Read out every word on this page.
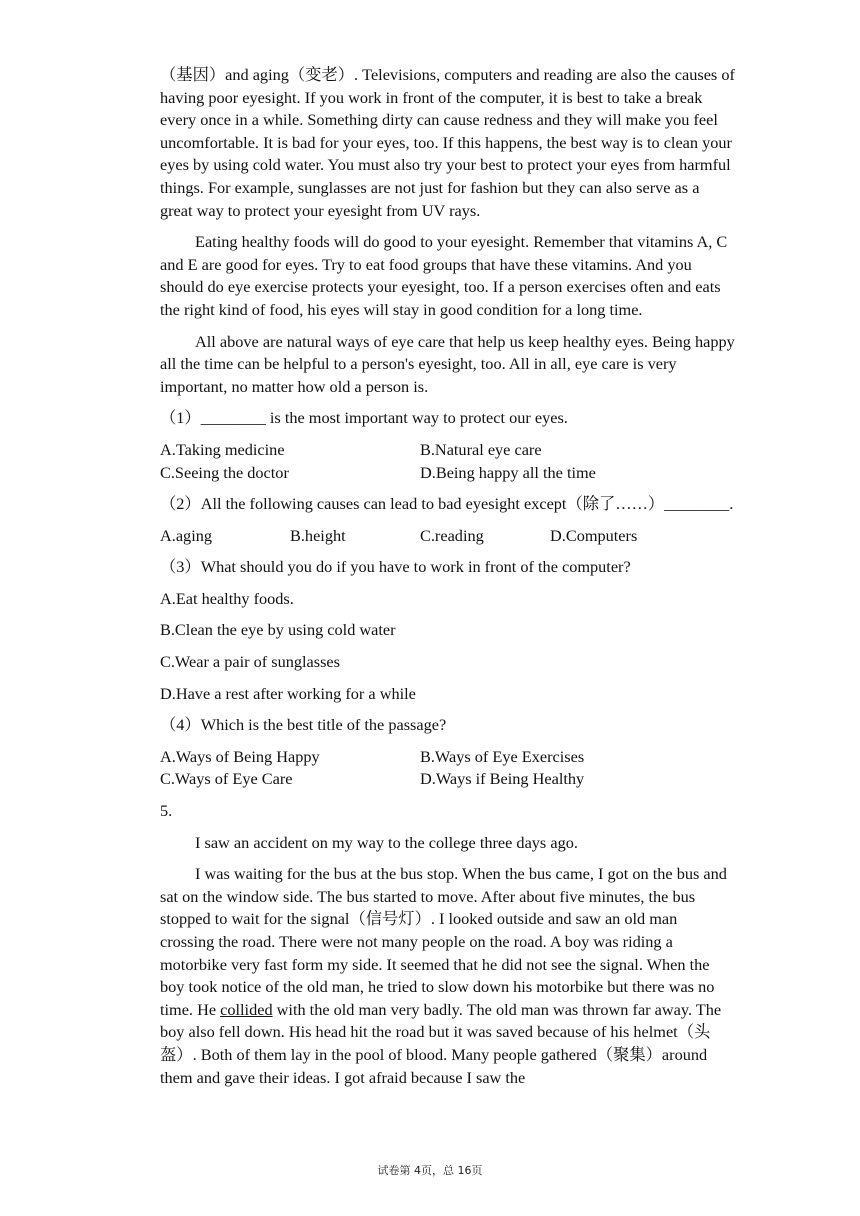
（基因）and aging（变老）. Televisions, computers and reading are also the causes of having poor eyesight. If you work in front of the computer, it is best to take a break every once in a while. Something dirty can cause redness and they will make you feel uncomfortable. It is bad for your eyes, too. If this happens, the best way is to clean your eyes by using cold water. You must also try your best to protect your eyes from harmful things. For example, sunglasses are not just for fashion but they can also serve as a great way to protect your eyesight from UV rays.

Eating healthy foods will do good to your eyesight. Remember that vitamins A, C and E are good for eyes. Try to eat food groups that have these vitamins. And you should do eye exercise protects your eyesight, too. If a person exercises often and eats the right kind of food, his eyes will stay in good condition for a long time.

All above are natural ways of eye care that help us keep healthy eyes. Being happy all the time can be helpful to a person's eyesight, too. All in all, eye care is very important, no matter how old a person is.

（1）________ is the most important way to protect our eyes.
A.Taking medicine	B.Natural eye care
C.Seeing the doctor	D.Being happy all the time
（2）All the following causes can lead to bad eyesight except（除了……）________.
A.aging	B.height	C.reading	D.Computers
（3）What should you do if you have to work in front of the computer?
A.Eat healthy foods.
B.Clean the eye by using cold water
C.Wear a pair of sunglasses
D.Have a rest after working for a while
（4）Which is the best title of the passage?
A.Ways of Being Happy	B.Ways of Eye Exercises
C.Ways of Eye Care	D.Ways if Being Healthy
5.

I saw an accident on my way to the college three days ago.

I was waiting for the bus at the bus stop. When the bus came, I got on the bus and sat on the window side. The bus started to move. After about five minutes, the bus stopped to wait for the signal（信号灯）. I looked outside and saw an old man crossing the road. There were not many people on the road. A boy was riding a motorbike very fast form my side. It seemed that he did not see the signal. When the boy took notice of the old man, he tried to slow down his motorbike but there was no time. He collided with the old man very badly. The old man was thrown far away. The boy also fell down. His head hit the road but it was saved because of his helmet（头盔）. Both of them lay in the pool of blood. Many people gathered（聚集）around them and gave their ideas. I got afraid because I saw the

试卷第 4页，总 16页
